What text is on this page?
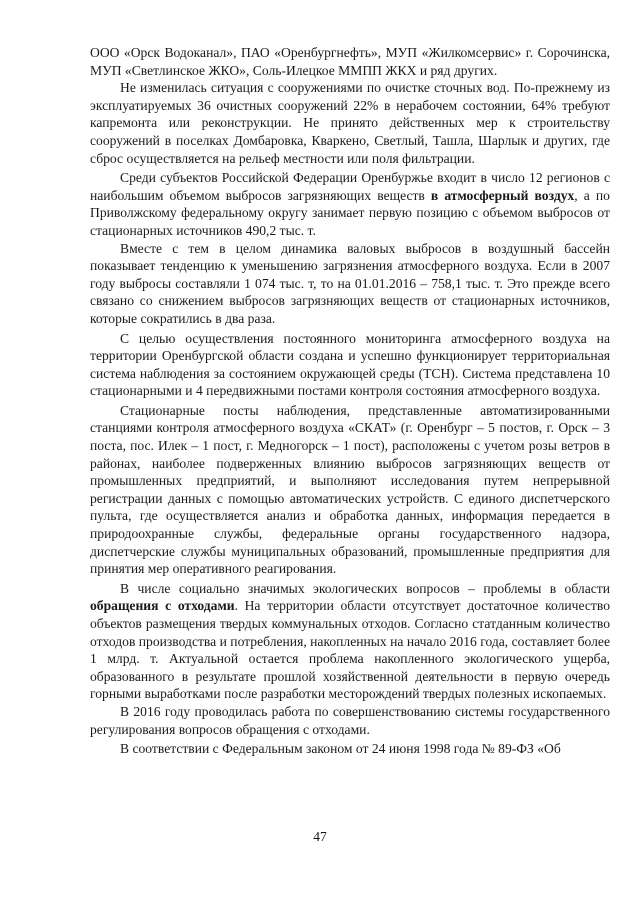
ООО «Орск Водоканал», ПАО «Оренбургнефть», МУП «Жилкомсервис» г. Сорочинска, МУП «Светлинское ЖКО», Соль-Илецкое ММПП ЖКХ и ряд других.

Не изменилась ситуация с сооружениями по очистке сточных вод. По-прежнему из эксплуатируемых 36 очистных сооружений 22% в нерабочем состоянии, 64% требуют капремонта или реконструкции. Не принято действенных мер к строительству сооружений в поселках Домбаровка, Кваркено, Светлый, Ташла, Шарлык и других, где сброс осуществляется на рельеф местности или поля фильтрации.

Среди субъектов Российской Федерации Оренбуржье входит в число 12 регионов с наибольшим объемом выбросов загрязняющих веществ в атмосферный воздух, а по Приволжскому федеральному округу занимает первую позицию с объемом выбросов от стационарных источников 490,2 тыс. т.

Вместе с тем в целом динамика валовых выбросов в воздушный бассейн показывает тенденцию к уменьшению загрязнения атмосферного воздуха. Если в 2007 году выбросы составляли 1 074 тыс. т, то на 01.01.2016 – 758,1 тыс. т. Это прежде всего связано со снижением выбросов загрязняющих веществ от стационарных источников, которые сократились в два раза.

С целью осуществления постоянного мониторинга атмосферного воздуха на территории Оренбургской области создана и успешно функционирует территориальная система наблюдения за состоянием окружающей среды (ТСН). Система представлена 10 стационарными и 4 передвижными постами контроля состояния атмосферного воздуха.

Стационарные посты наблюдения, представленные автоматизированными станциями контроля атмосферного воздуха «СКАТ» (г. Оренбург – 5 постов, г. Орск – 3 поста, пос. Илек – 1 пост, г. Медногорск – 1 пост), расположены с учетом розы ветров в районах, наиболее подверженных влиянию выбросов загрязняющих веществ от промышленных предприятий, и выполняют исследования путем непрерывной регистрации данных с помощью автоматических устройств. С единого диспетчерского пульта, где осуществляется анализ и обработка данных, информация передается в природоохранные службы, федеральные органы государственного надзора, диспетчерские службы муниципальных образований, промышленные предприятия для принятия мер оперативного реагирования.

В числе социально значимых экологических вопросов – проблемы в области обращения с отходами. На территории области отсутствует достаточное количество объектов размещения твердых коммунальных отходов. Согласно статданным количество отходов производства и потребления, накопленных на начало 2016 года, составляет более 1 млрд. т. Актуальной остается проблема накопленного экологического ущерба, образованного в результате прошлой хозяйственной деятельности в первую очередь горными выработками после разработки месторождений твердых полезных ископаемых.

В 2016 году проводилась работа по совершенствованию системы государственного регулирования вопросов обращения с отходами.

В соответствии с Федеральным законом от 24 июня 1998 года № 89-ФЗ «Об

47
